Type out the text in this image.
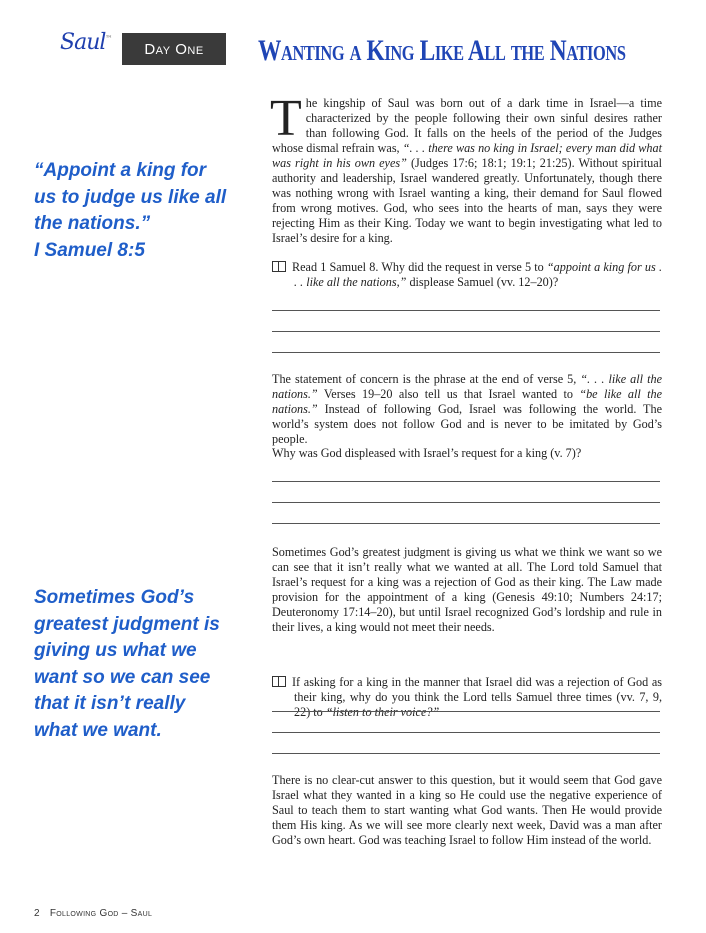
Saul™
Day One Wanting a King Like All the Nations
“Appoint a king for
us to judge us like all
the nations.”
I Samuel 8:5
Sometimes God’s
greatest judgment is
giving us what we
want so we can see
that it isn’t really
what we want.

The kingship of Saul was born out of a dark time in Israel—a time characterized by the people following their own sinful desires rather than following God. It falls on the heels of the period of the Judges whose dismal refrain was, “. . . there was no king in Israel; every man did what was right in his own eyes” (Judges 17:6; 18:1; 19:1; 21:25). Without spiritual authority and leadership, Israel wandered greatly. Unfortunately, though there was nothing wrong with Israel wanting a king, their demand for Saul flowed from wrong motives. God, who sees into the hearts of man, says they were rejecting Him as their King. Today we want to begin investigating what led to Israel’s desire for a king.

Read 1 Samuel 8. Why did the request in verse 5 to “appoint a king for us . . . like all the nations,” displease Samuel (vv. 12–20)?

The statement of concern is the phrase at the end of verse 5, “. . . like all the nations.” Verses 19–20 also tell us that Israel wanted to “be like all the nations.” Instead of following God, Israel was following the world. The world’s system does not follow God and is never to be imitated by God’s people.

Why was God displeased with Israel’s request for a king (v. 7)?

Sometimes God’s greatest judgment is giving us what we think we want so we can see that it isn’t really what we wanted at all. The Lord told Samuel that Israel’s request for a king was a rejection of God as their king. The Law made provision for the appointment of a king (Genesis 49:10; Numbers 24:17; Deuteronomy 17:14–20), but until Israel recognized God’s lordship and rule in their lives, a king would not meet their needs.

If asking for a king in the manner that Israel did was a rejection of God as their king, why do you think the Lord tells Samuel three times (vv. 7, 9, 22) to “listen to their voice?”

There is no clear-cut answer to this question, but it would seem that God gave Israel what they wanted in a king so He could use the negative experience of Saul to teach them to start wanting what God wants. Then He would provide them His king. As we will see more clearly next week, David was a man after God’s own heart. God was teaching Israel to follow Him instead of the world.

2 Following God – Saul
